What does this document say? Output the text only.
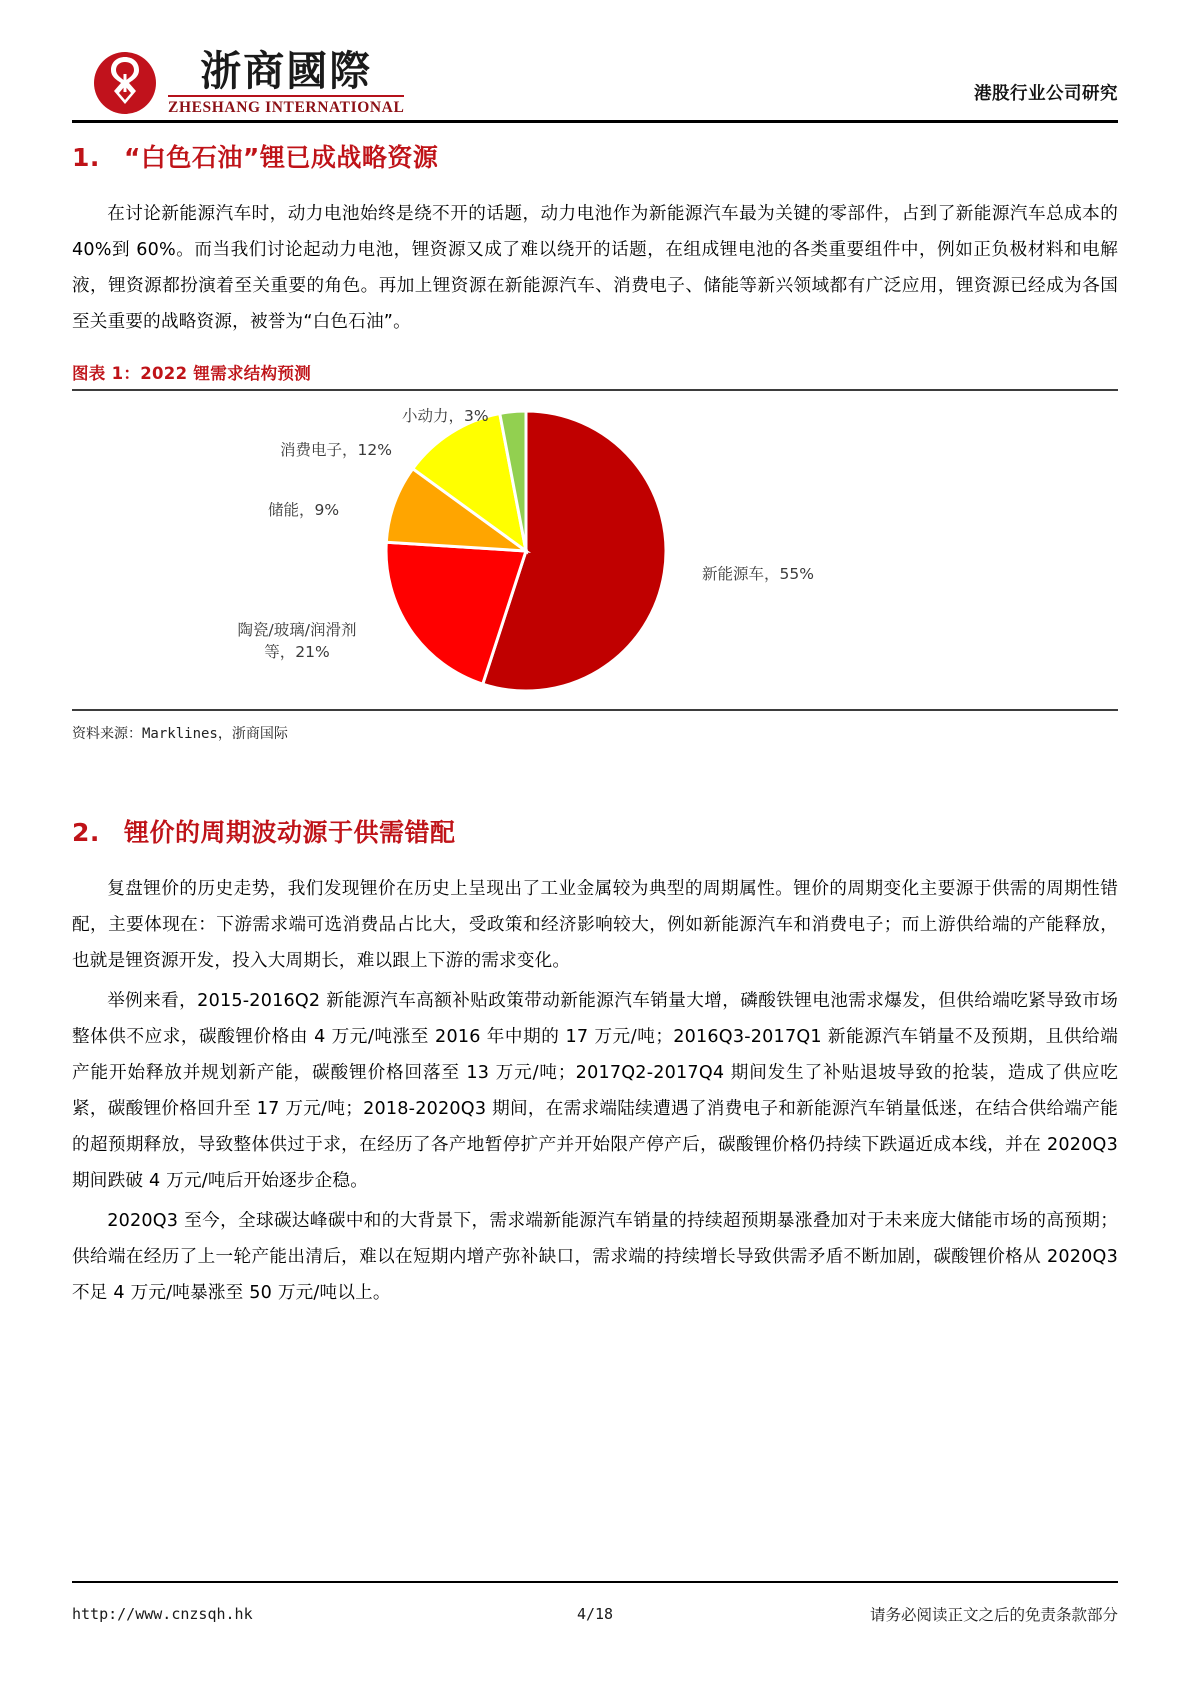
浙商國際
ZHESHANG INTERNATIONAL
港股行业公司研究
1. “白色石油”锂已成战略资源

在讨论新能源汽车时，动力电池始终是绕不开的话题，动力电池作为新能源汽车最为关键的零部件，占到了新能源汽车总成本的 40%到 60%。而当我们讨论起动力电池，锂资源又成了难以绕开的话题，在组成锂电池的各类重要组件中，例如正负极材料和电解液，锂资源都扮演着至关重要的角色。再加上锂资源在新能源汽车、消费电子、储能等新兴领域都有广泛应用，锂资源已经成为各国至关重要的战略资源，被誉为“白色石油”。

图表 1：2022 锂需求结构预测
小动力，3%
消费电子，12%
储能，9%
陶瓷/玻璃/润滑剂
等，21%
新能源车，55%
资料来源：Marklines，浙商国际
2. 锂价的周期波动源于供需错配

复盘锂价的历史走势，我们发现锂价在历史上呈现出了工业金属较为典型的周期属性。锂价的周期变化主要源于供需的周期性错配，主要体现在：下游需求端可选消费品占比大，受政策和经济影响较大，例如新能源汽车和消费电子；而上游供给端的产能释放，也就是锂资源开发，投入大周期长，难以跟上下游的需求变化。

举例来看，2015-2016Q2 新能源汽车高额补贴政策带动新能源汽车销量大增，磷酸铁锂电池需求爆发，但供给端吃紧导致市场整体供不应求，碳酸锂价格由 4 万元/吨涨至 2016 年中期的 17 万元/吨；2016Q3-2017Q1 新能源汽车销量不及预期，且供给端产能开始释放并规划新产能，碳酸锂价格回落至 13 万元/吨；2017Q2-2017Q4 期间发生了补贴退坡导致的抢装，造成了供应吃紧，碳酸锂价格回升至 17 万元/吨；2018-2020Q3 期间，在需求端陆续遭遇了消费电子和新能源汽车销量低迷，在结合供给端产能的超预期释放，导致整体供过于求，在经历了各产地暂停扩产并开始限产停产后，碳酸锂价格仍持续下跌逼近成本线，并在 2020Q3 期间跌破 4 万元/吨后开始逐步企稳。

2020Q3 至今，全球碳达峰碳中和的大背景下，需求端新能源汽车销量的持续超预期暴涨叠加对于未来庞大储能市场的高预期；供给端在经历了上一轮产能出清后，难以在短期内增产弥补缺口，需求端的持续增长导致供需矛盾不断加剧，碳酸锂价格从 2020Q3 不足 4 万元/吨暴涨至 50 万元/吨以上。

http://www.cnzsqh.hk	4/18	请务必阅读正文之后的免责条款部分
